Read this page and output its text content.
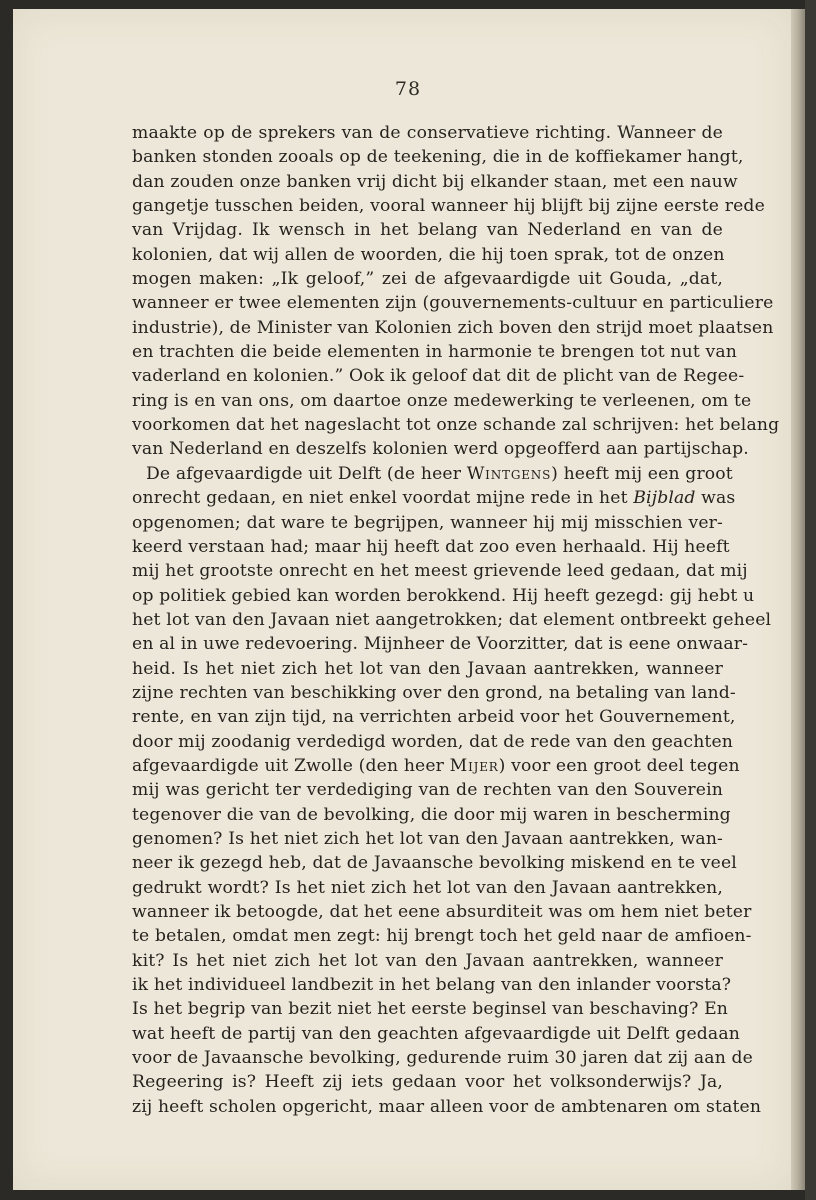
78
maakte op de sprekers van de conservatieve richting. Wanneer de
banken stonden zooals op de teekening, die in de koffiekamer hangt,
dan zouden onze banken vrij dicht bij elkander staan, met een nauw
gangetje tusschen beiden, vooral wanneer hij blijft bij zijne eerste rede
van Vrijdag. Ik wensch in het belang van Nederland en van de
kolonien, dat wij allen de woorden, die hij toen sprak, tot de onzen
mogen maken: „Ik geloof,” zei de afgevaardigde uit Gouda, „dat,
wanneer er twee elementen zijn (gouvernements-cultuur en particuliere
industrie), de Minister van Kolonien zich boven den strijd moet plaatsen
en trachten die beide elementen in harmonie te brengen tot nut van
vaderland en kolonien.” Ook ik geloof dat dit de plicht van de Regee-
ring is en van ons, om daartoe onze medewerking te verleenen, om te
voorkomen dat het nageslacht tot onze schande zal schrijven: het belang
van Nederland en deszelfs kolonien werd opgeofferd aan partijschap.
De afgevaardigde uit Delft (de heer Wintgens) heeft mij een groot
onrecht gedaan, en niet enkel voordat mijne rede in het Bijblad was
opgenomen; dat ware te begrijpen, wanneer hij mij misschien ver-
keerd verstaan had; maar hij heeft dat zoo even herhaald. Hij heeft
mij het grootste onrecht en het meest grievende leed gedaan, dat mij
op politiek gebied kan worden berokkend. Hij heeft gezegd: gij hebt u
het lot van den Javaan niet aangetrokken; dat element ontbreekt geheel
en al in uwe redevoering. Mijnheer de Voorzitter, dat is eene onwaar-
heid. Is het niet zich het lot van den Javaan aantrekken, wanneer
zijne rechten van beschikking over den grond, na betaling van land-
rente, en van zijn tijd, na verrichten arbeid voor het Gouvernement,
door mij zoodanig verdedigd worden, dat de rede van den geachten
afgevaardigde uit Zwolle (den heer Mijer) voor een groot deel tegen
mij was gericht ter verdediging van de rechten van den Souverein
tegenover die van de bevolking, die door mij waren in bescherming
genomen? Is het niet zich het lot van den Javaan aantrekken, wan-
neer ik gezegd heb, dat de Javaansche bevolking miskend en te veel
gedrukt wordt? Is het niet zich het lot van den Javaan aantrekken,
wanneer ik betoogde, dat het eene absurditeit was om hem niet beter
te betalen, omdat men zegt: hij brengt toch het geld naar de amfioen-
kit? Is het niet zich het lot van den Javaan aantrekken, wanneer
ik het individueel landbezit in het belang van den inlander voorsta?
Is het begrip van bezit niet het eerste beginsel van beschaving? En
wat heeft de partij van den geachten afgevaardigde uit Delft gedaan
voor de Javaansche bevolking, gedurende ruim 30 jaren dat zij aan de
Regeering is? Heeft zij iets gedaan voor het volksonderwijs? Ja,
zij heeft scholen opgericht, maar alleen voor de ambtenaren om staten
